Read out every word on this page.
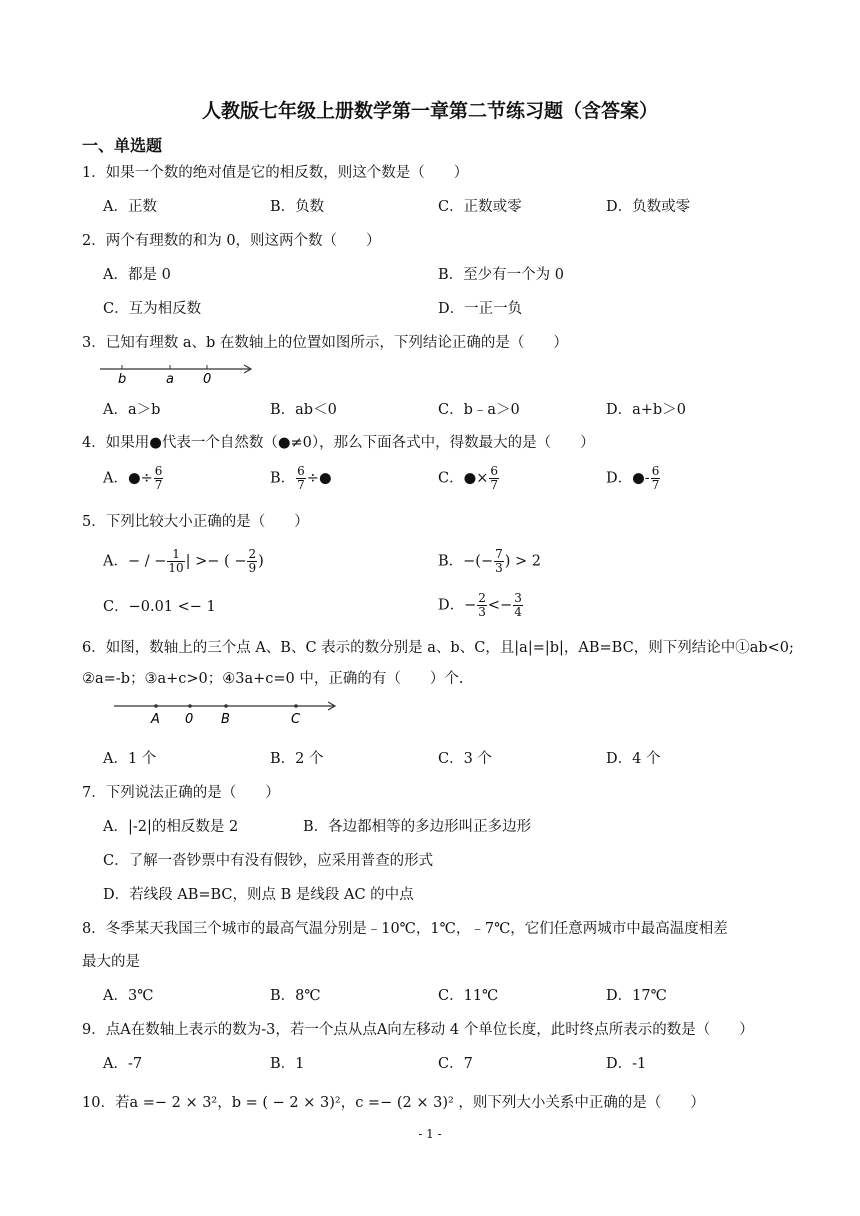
人教版七年级上册数学第一章第二节练习题（含答案）
一、单选题
1．如果一个数的绝对值是它的相反数，则这个数是（　　）
A．正数	B．负数	C．正数或零	D．负数或零
2．两个有理数的和为 0，则这两个数（　　）
A．都是 0	B．至少有一个为 0
C．互为相反数	D．一正一负
3．已知有理数 a、b 在数轴上的位置如图所示，下列结论正确的是（　　）
b	a 0
A．a＞b	B．ab＜0	C．b﹣a＞0	D．a+b＞0
4．如果用●代表一个自然数（●≠0），那么下面各式中，得数最大的是（　　）
A．●÷ $\frac{6}{7}$	B． $\frac{6}{7}$ ÷●	C．●× $\frac{6}{7}$	D．●- $\frac{6}{7}$
5．下列比较大小正确的是（　　）
A．− / − $\frac{1}{10}$ | >− ( − $\frac{2}{9}$ )	B．−(− $\frac{7}{3}$ ) > 2
C．−0.01 <− 1	D．− $\frac{2}{3} <- \frac{3}{4}$
6．如图，数轴上的三个点 A、B、C 表示的数分别是 a、b、C，且|a|=|b|，AB=BC，则下列结论中①ab<0;
②a=-b；③a+c>0；④3a+c=0 中，正确的有（　　）个.
A 0 B	C
A．1 个	B．2 个	C．3 个	D．4 个
7．下列说法正确的是（　　）
A．|-2|的相反数是 2	B．各边都相等的多边形叫正多边形
C．了解一沓钞票中有没有假钞，应采用普查的形式
D．若线段 AB=BC，则点 B 是线段 AC 的中点
8．冬季某天我国三个城市的最高气温分别是﹣10℃，1℃，﹣7℃，它们任意两城市中最高温度相差
最大的是
A．3℃	B．8℃	C．11℃	D．17℃
9．点A在数轴上表示的数为-3，若一个点从点A向左移动 4 个单位长度，此时终点所表示的数是（　　）
A．-7	B．1	C．7	D．-1
10．若a =− 2 × 3²，b = ( − 2 × 3)²，c =− (2 × 3)² ，则下列大小关系中正确的是（　　）
- 1 -
